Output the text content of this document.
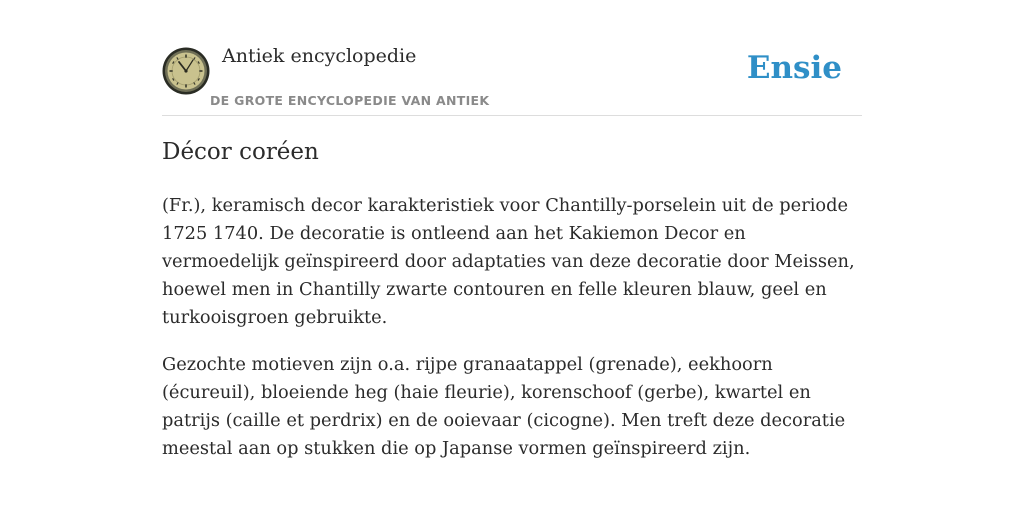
Antiek encyclopedie
DE GROTE ENCYCLOPEDIE VAN ANTIEK
Ensie
Décor coréen

(Fr.), keramisch decor karakteristiek voor Chantilly-porselein uit de periode 1725 1740. De decoratie is ontleend aan het Kakiemon Decor en vermoedelijk geïnspireerd door adaptaties van deze decoratie door Meissen, hoewel men in Chantilly zwarte contouren en felle kleuren blauw, geel en turkooisgroen gebruikte.

Gezochte motieven zijn o.a. rijpe granaatappel (grenade), eekhoorn (écureuil), bloeiende heg (haie fleurie), korenschoof (gerbe), kwartel en patrijs (caille et perdrix) en de ooievaar (cicogne). Men treft deze decoratie meestal aan op stukken die op Japanse vormen geïnspireerd zijn.
